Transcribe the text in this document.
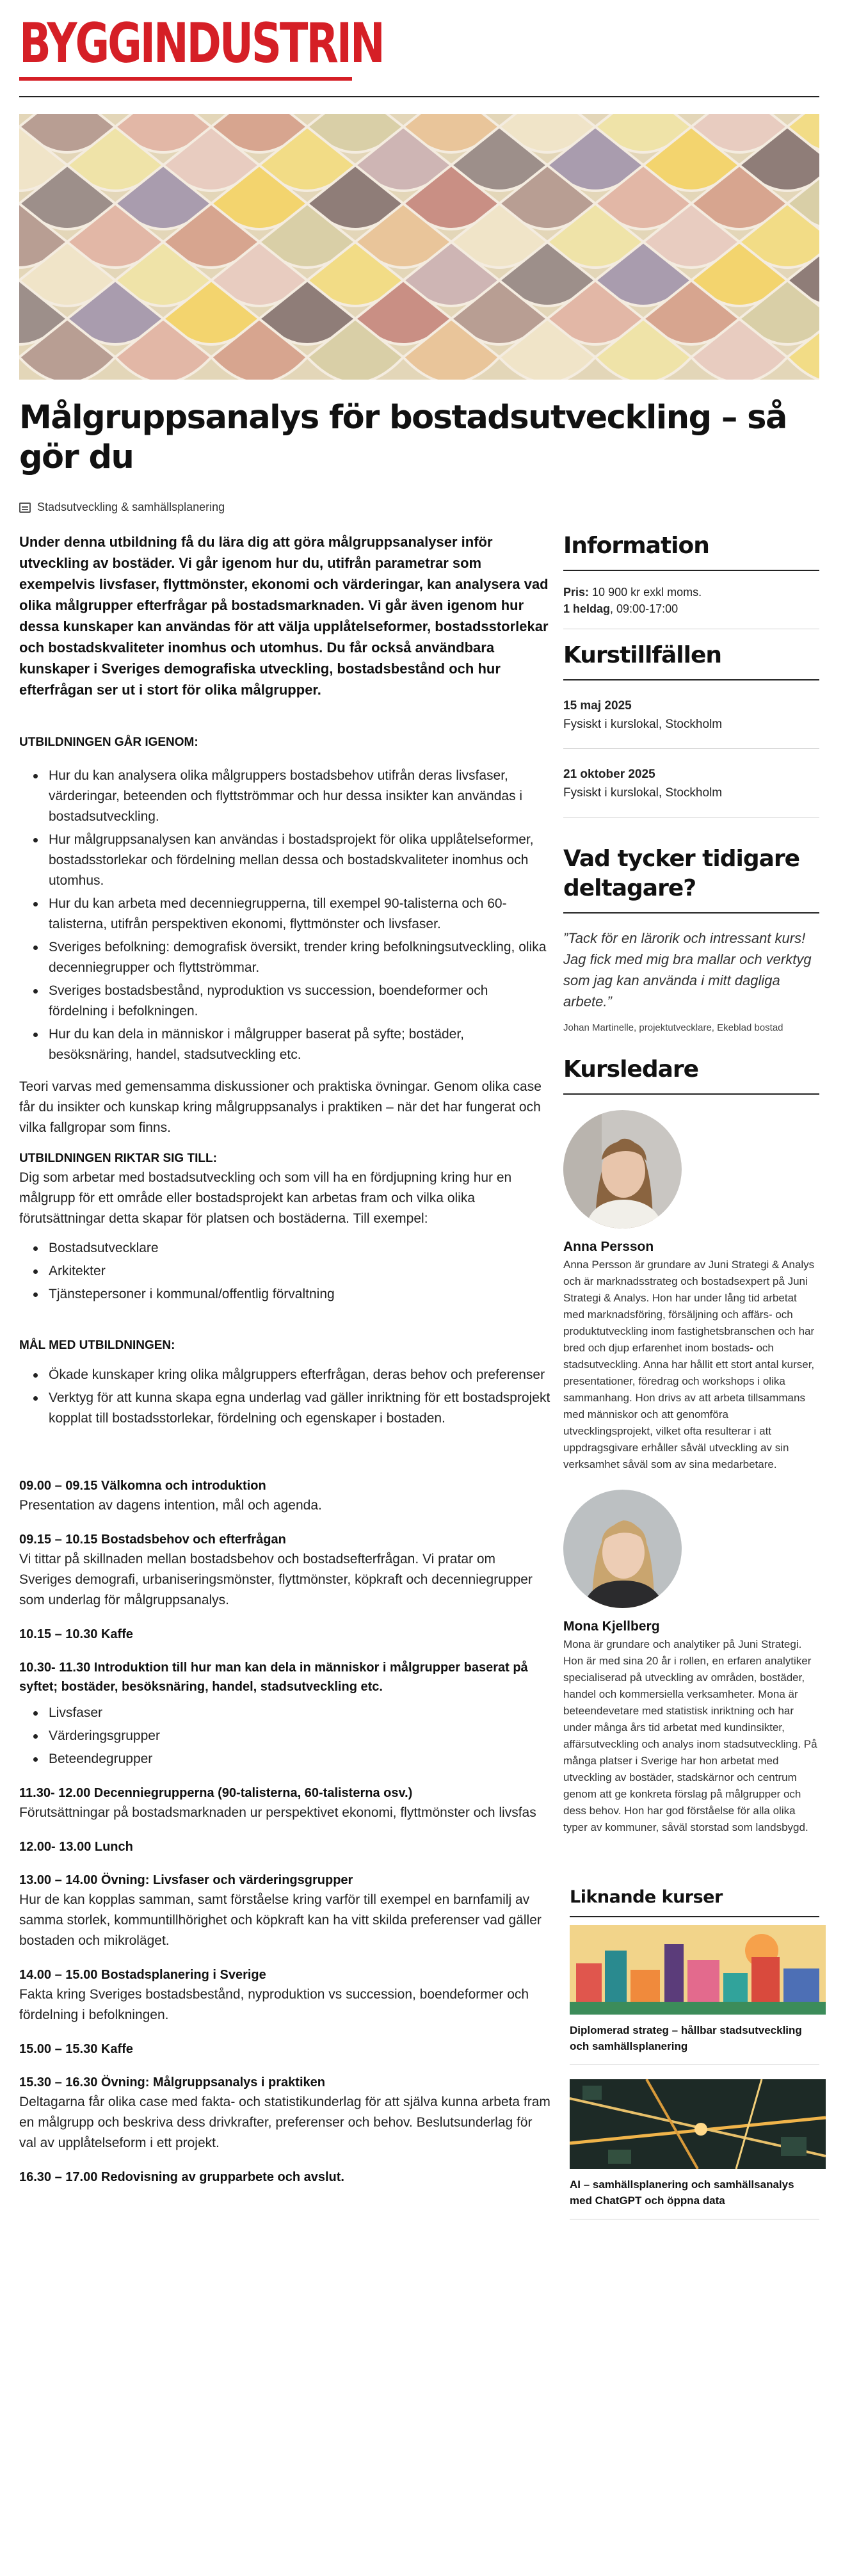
BYGGINDUSTRIN
Målgruppsanalys för bostadsutveckling – så gör du
Stadsutveckling & samhällsplanering

Under denna utbildning få du lära dig att göra målgruppsanalyser inför utveckling av bostäder. Vi går igenom hur du, utifrån parametrar som exempelvis livsfaser, flyttmönster, ekonomi och värderingar, kan analysera vad olika målgrupper efterfrågar på bostadsmarknaden. Vi går även igenom hur dessa kunskaper kan användas för att välja upplåtelseformer, bostadsstorlekar och bostadskvaliteter inomhus och utomhus. Du får också användbara kunskaper i Sveriges demografiska utveckling, bostadsbestånd och hur efterfrågan ser ut i stort för olika målgrupper.

UTBILDNINGEN GÅR IGENOM:

Hur du kan analysera olika målgruppers bostadsbehov utifrån deras livsfaser, värderingar, beteenden och flyttströmmar och hur dessa insikter kan användas i bostadsutveckling.
Hur målgruppsanalysen kan användas i bostadsprojekt för olika upplåtelseformer, bostadsstorlekar och fördelning mellan dessa och bostadskvaliteter inomhus och utomhus.
Hur du kan arbeta med decenniegrupperna, till exempel 90-talisterna och 60-talisterna, utifrån perspektiven ekonomi, flyttmönster och livsfaser.
Sveriges befolkning: demografisk översikt, trender kring befolkningsutveckling, olika decenniegrupper och flyttströmmar.
Sveriges bostadsbestånd, nyproduktion vs succession, boendeformer och fördelning i befolkningen.
Hur du kan dela in människor i målgrupper baserat på syfte; bostäder, besöksnäring, handel, stadsutveckling etc.

Teori varvas med gemensamma diskussioner och praktiska övningar. Genom olika case får du insikter och kunskap kring målgruppsanalys i praktiken – när det har fungerat och vilka fallgropar som finns.

UTBILDNINGEN RIKTAR SIG TILL:

Dig som arbetar med bostadsutveckling och som vill ha en fördjupning kring hur en målgrupp för ett område eller bostadsprojekt kan arbetas fram och vilka olika förutsättningar detta skapar för platsen och bostäderna. Till exempel:

Bostadsutvecklare
Arkitekter
Tjänstepersoner i kommunal/offentlig förvaltning

MÅL MED UTBILDNINGEN:

Ökade kunskaper kring olika målgruppers efterfrågan, deras behov och preferenser
Verktyg för att kunna skapa egna underlag vad gäller inriktning för ett bostadsprojekt kopplat till bostadsstorlekar, fördelning och egenskaper i bostaden.

09.00 – 09.15 Välkomna och introduktion

Presentation av dagens intention, mål och agenda.

09.15 – 10.15 Bostadsbehov och efterfrågan

Vi tittar på skillnaden mellan bostadsbehov och bostadsefterfrågan. Vi pratar om Sveriges demografi, urbaniseringsmönster, flyttmönster, köpkraft och decenniegrupper som underlag för målgruppsanalys.

10.15 – 10.30 Kaffe

10.30- 11.30 Introduktion till hur man kan dela in människor i målgrupper baserat på syftet; bostäder, besöksnäring, handel, stadsutveckling etc.

Livsfaser
Värderingsgrupper
Beteendegrupper

11.30- 12.00 Decenniegrupperna (90-talisterna, 60-talisterna osv.)

Förutsättningar på bostadsmarknaden ur perspektivet ekonomi, flyttmönster och livsfas

12.00- 13.00 Lunch

13.00 – 14.00 Övning: Livsfaser och värderingsgrupper

Hur de kan kopplas samman, samt förståelse kring varför till exempel en barnfamilj av samma storlek, kommuntillhörighet och köpkraft kan ha vitt skilda preferenser vad gäller bostaden och mikroläget.

14.00 – 15.00 Bostadsplanering i Sverige

Fakta kring Sveriges bostadsbestånd, nyproduktion vs succession, boendeformer och fördelning i befolkningen.

15.00 – 15.30 Kaffe

15.30 – 16.30 Övning: Målgruppsanalys i praktiken

Deltagarna får olika case med fakta- och statistikunderlag för att själva kunna arbeta fram en målgrupp och beskriva dess drivkrafter, preferenser och behov. Beslutsunderlag för val av upplåtelseform i ett projekt.

16.30 – 17.00 Redovisning av grupparbete och avslut.

Information

Pris: 10 900 kr exkl moms.

1 heldag, 09:00-17:00

Kurstillfällen

15 maj 2025

Fysiskt i kurslokal, Stockholm

21 oktober 2025

Fysiskt i kurslokal, Stockholm

Vad tycker tidigare deltagare?

”Tack för en lärorik och intressant kurs! Jag fick med mig bra mallar och verktyg som jag kan använda i mitt dagliga arbete.”

Johan Martinelle, projektutvecklare, Ekeblad bostad

Kursledare

Anna Persson

Anna Persson är grundare av Juni Strategi & Analys och är marknadsstrateg och bostadsexpert på Juni Strategi & Analys. Hon har under lång tid arbetat med marknadsföring, försäljning och affärs- och produktutveckling inom fastighetsbranschen och har bred och djup erfarenhet inom bostads- och stadsutveckling. Anna har hållit ett stort antal kurser, presentationer, föredrag och workshops i olika sammanhang. Hon drivs av att arbeta tillsammans med människor och att genomföra utvecklingsprojekt, vilket ofta resulterar i att uppdragsgivare erhåller såväl utveckling av sin verksamhet såväl som av sina medarbetare.

Mona Kjellberg

Mona är grundare och analytiker på Juni Strategi. Hon är med sina 20 år i rollen, en erfaren analytiker specialiserad på utveckling av områden, bostäder, handel och kommersiella verksamheter. Mona är beteendevetare med statistisk inriktning och har under många års tid arbetat med kundinsikter, affärsutveckling och analys inom stadsutveckling. På många platser i Sverige har hon arbetat med utveckling av bostäder, stadskärnor och centrum genom att ge konkreta förslag på målgrupper och dess behov. Hon har god förståelse för alla olika typer av kommuner, såväl storstad som landsbygd.

Liknande kurser

Diplomerad strateg – hållbar stadsutveckling och samhällsplanering

AI – samhällsplanering och samhällsanalys med ChatGPT och öppna data
